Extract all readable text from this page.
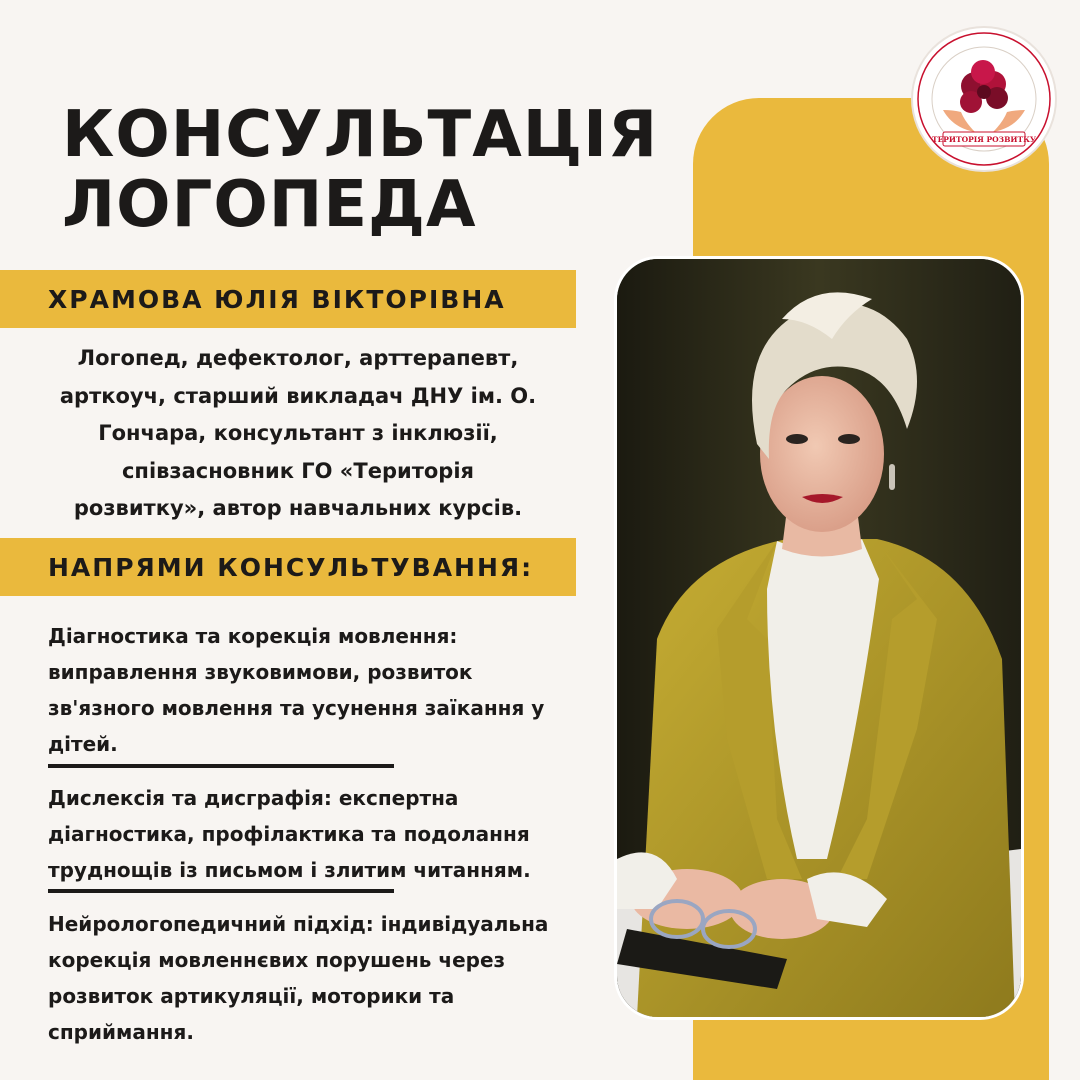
КОНСУЛЬТАЦІЯ
ЛОГОПЕДА
ХРАМОВА ЮЛІЯ ВІКТОРІВНА

Логопед, дефектолог, арттерапевт,
арткоуч, старший викладач ДНУ ім. О.
Гончара, консультант з інклюзії,
співзасновник ГО «Територія
розвитку», автор навчальних курсів.

НАПРЯМИ КОНСУЛЬТУВАННЯ:

Діагностика та корекція мовлення:
виправлення звуковимови, розвиток
зв'язного мовлення та усунення заїкання у
дітей.

Дислексія та дисграфія: експертна
діагностика, профілактика та подолання
труднощів із письмом і злитим читанням.

Нейрологопедичний підхід: індивідуальна
корекція мовленнєвих порушень через
розвиток артикуляції, моторики та
сприймання.

ТЕРИТОРІЯ РОЗВИТКУ
